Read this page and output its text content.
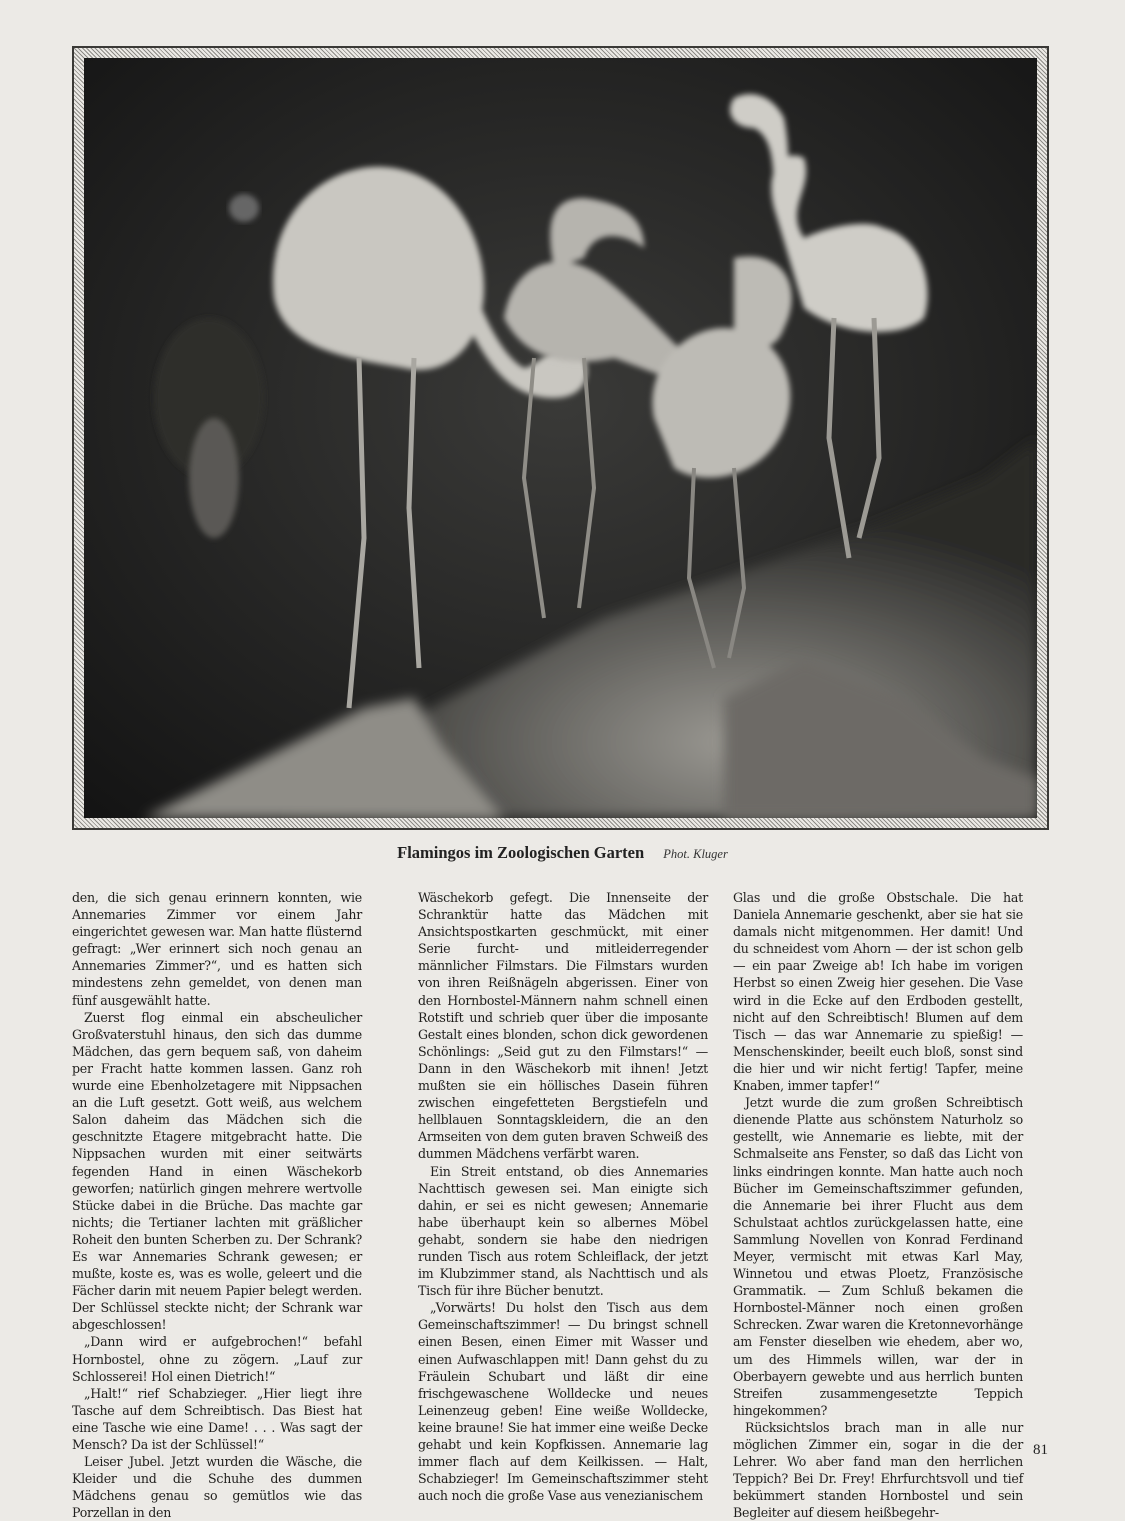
Flamingos im Zoologischen Garten Phot. Kluger

den, die sich genau erinnern konnten, wie Annemaries Zimmer vor einem Jahr eingerichtet gewesen war. Man hatte flüsternd gefragt: „Wer erinnert sich noch genau an Annemaries Zimmer?“, und es hatten sich mindestens zehn gemeldet, von denen man fünf ausgewählt hatte.

Zuerst flog einmal ein abscheulicher Großvaterstuhl hinaus, den sich das dumme Mädchen, das gern bequem saß, von daheim per Fracht hatte kommen lassen. Ganz roh wurde eine Ebenholzetagere mit Nippsachen an die Luft gesetzt. Gott weiß, aus welchem Salon daheim das Mädchen sich die geschnitzte Etagere mitgebracht hatte. Die Nippsachen wurden mit einer seitwärts fegenden Hand in einen Wäschekorb geworfen; natürlich gingen mehrere wertvolle Stücke dabei in die Brüche. Das machte gar nichts; die Tertianer lachten mit gräßlicher Roheit den bunten Scherben zu. Der Schrank? Es war Annemaries Schrank gewesen; er mußte, koste es, was es wolle, geleert und die Fächer darin mit neuem Papier belegt werden. Der Schlüssel steckte nicht; der Schrank war abgeschlossen!

„Dann wird er aufgebrochen!“ befahl Hornbostel, ohne zu zögern. „Lauf zur Schlosserei! Hol einen Dietrich!“

„Halt!“ rief Schabzieger. „Hier liegt ihre Tasche auf dem Schreibtisch. Das Biest hat eine Tasche wie eine Dame! . . . Was sagt der Mensch? Da ist der Schlüssel!“

Leiser Jubel. Jetzt wurden die Wäsche, die Kleider und die Schuhe des dummen Mädchens genau so gemütlos wie das Porzellan in den

Wäschekorb gefegt. Die Innenseite der Schranktür hatte das Mädchen mit Ansichtspostkarten geschmückt, mit einer Serie furcht- und mitleiderregender männlicher Filmstars. Die Filmstars wurden von ihren Reißnägeln abgerissen. Einer von den Hornbostel-Männern nahm schnell einen Rotstift und schrieb quer über die imposante Gestalt eines blonden, schon dick gewordenen Schönlings: „Seid gut zu den Filmstars!“ — Dann in den Wäschekorb mit ihnen! Jetzt mußten sie ein höllisches Dasein führen zwischen eingefetteten Bergstiefeln und hellblauen Sonntagskleidern, die an den Armseiten von dem guten braven Schweiß des dummen Mädchens verfärbt waren.

Ein Streit entstand, ob dies Annemaries Nachttisch gewesen sei. Man einigte sich dahin, er sei es nicht gewesen; Annemarie habe überhaupt kein so albernes Möbel gehabt, sondern sie habe den niedrigen runden Tisch aus rotem Schleiflack, der jetzt im Klubzimmer stand, als Nachttisch und als Tisch für ihre Bücher benutzt.

„Vorwärts! Du holst den Tisch aus dem Gemeinschaftszimmer! — Du bringst schnell einen Besen, einen Eimer mit Wasser und einen Aufwaschlappen mit! Dann gehst du zu Fräulein Schubart und läßt dir eine frischgewaschene Wolldecke und neues Leinenzeug geben! Eine weiße Wolldecke, keine braune! Sie hat immer eine weiße Decke gehabt und kein Kopfkissen. Annemarie lag immer flach auf dem Keilkissen. — Halt, Schabzieger! Im Gemeinschaftszimmer steht auch noch die große Vase aus venezianischem

Glas und die große Obstschale. Die hat Daniela Annemarie geschenkt, aber sie hat sie damals nicht mitgenommen. Her damit! Und du schneidest vom Ahorn — der ist schon gelb — ein paar Zweige ab! Ich habe im vorigen Herbst so einen Zweig hier gesehen. Die Vase wird in die Ecke auf den Erdboden gestellt, nicht auf den Schreibtisch! Blumen auf dem Tisch — das war Annemarie zu spießig! — Menschenskinder, beeilt euch bloß, sonst sind die hier und wir nicht fertig! Tapfer, meine Knaben, immer tapfer!“

Jetzt wurde die zum großen Schreibtisch dienende Platte aus schönstem Naturholz so gestellt, wie Annemarie es liebte, mit der Schmalseite ans Fenster, so daß das Licht von links eindringen konnte. Man hatte auch noch Bücher im Gemeinschaftszimmer gefunden, die Annemarie bei ihrer Flucht aus dem Schulstaat achtlos zurückgelassen hatte, eine Sammlung Novellen von Konrad Ferdinand Meyer, vermischt mit etwas Karl May, Winnetou und etwas Ploetz, Französische Grammatik. — Zum Schluß bekamen die Hornbostel-Männer noch einen großen Schrecken. Zwar waren die Kretonnevorhänge am Fenster dieselben wie ehedem, aber wo, um des Himmels willen, war der in Oberbayern gewebte und aus herrlich bunten Streifen zusammengesetzte Teppich hingekommen?

Rücksichtslos brach man in alle nur möglichen Zimmer ein, sogar in die der Lehrer. Wo aber fand man den herrlichen Teppich? Bei Dr. Frey! Ehrfurchtsvoll und tief bekümmert standen Hornbostel und sein Begleiter auf diesem heißbegehr-

81
